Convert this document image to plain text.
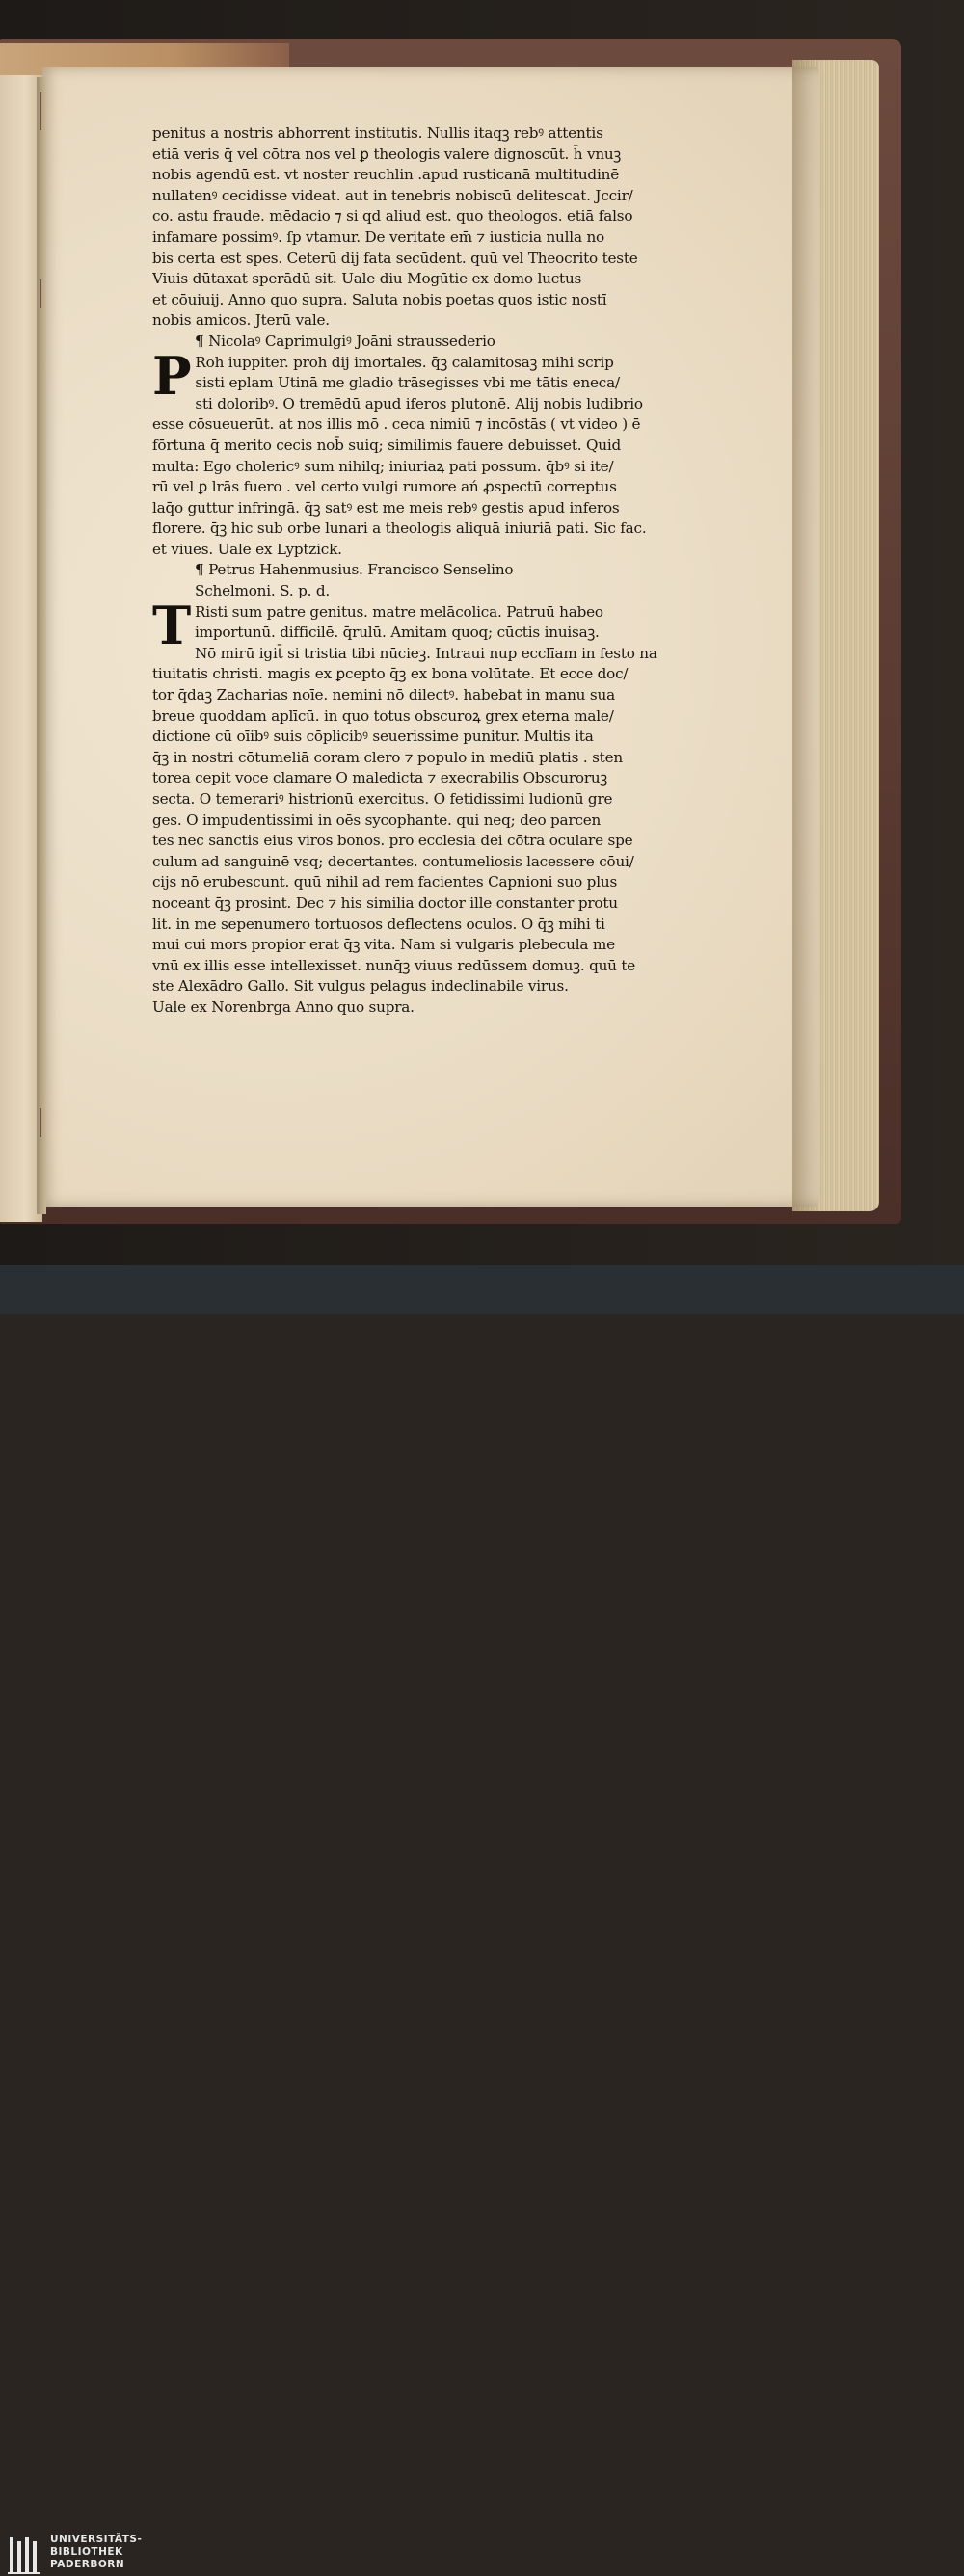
penitus a nostris abhorrent institutis. Nullis itaqꝫ rebꝰ attentis
etiā veris q̄ vel cōtra nos vel ꝑ theologis valere dignoscūt. h̄ vnuꝫ
nobis agendū est. vt noster reuchlin .apud rusticanā multitudinē
nullatenꝰ cecidisse videat. aut in tenebris nobiscū delitescat. Jccir/
co. astu fraude. mēdacio ⁊ si qd aliud est. quo theologos. etiā falso
infamare possimꝰ. ſp vtamur. De veritate em̄ ⁊ iusticia nulla no
bis certa est spes. Ceterū dij fata secūdent. quū vel Theocrito teste
Viuis dūtaxat sperādū sit. Uale diu Mogūtie ex domo luctus
et cōuiuij. Anno quo supra. Saluta nobis poetas quos istic nostī
nobis amicos. Jterū vale.
¶ Nicolaꝰ Caprimulgiꝰ Joāni straussederio
P Roh iuppiter. proh dij imortales. q̄ꝫ calamitosaꝫ mihi scrip
sisti eplam Utinā me gladio trāsegisses vbi me tātis eneca/
sti doloribꝰ. O tremēdū apud iferos plutonē. Alij nobis ludibrio
esse cōsueuerūt. at nos illis mō . ceca nimiū ⁊ incōstās ( vt video ) ē
fōrtuna q̄ merito cecis nob̄ suiq; similimis fauere debuisset. Quid
multa: Ego cholericꝰ sum nihilq; iniuriaꝝ pati possum. q̄bꝰ si ite/
rū vel ꝑ lrās fuero . vel certo vulgi rumore ań ꝓspectū correptus
laq̄o guttur infringā. q̄ꝫ satꝰ est me meis rebꝰ gestis apud inferos
florere. q̄ꝫ hic sub orbe lunari a theologis aliquā iniuriā pati. Sic fac.
et viues. Uale ex Lyptzick.
¶ Petrus Hahenmusius. Francisco Senselino
Schelmoni. S. p. d.
T Risti sum patre genitus. matre melācolica. Patruū habeo
importunū. difficilē. q̄rulū. Amitam quoq; cūctis inuisaꝫ.
Nō mirū igit̄ si tristia tibi nūcieꝫ. Intraui nup ecclīam in festo na
tiuitatis christi. magis ex ꝑcepto q̄ꝫ ex bona volūtate. Et ecce doc/
tor q̄daꝫ Zacharias noīe. nemini nō dilectꝰ. habebat in manu sua
breue quoddam aplīcū. in quo totus obscuroꝝ grex eterna male/
dictione cū oīibꝰ suis cōplicibꝰ seuerissime punitur. Multis ita
q̄ꝫ in nostri cōtumeliā coram clero ⁊ populo in mediū platis . sten
torea cepit voce clamare O maledicta ⁊ execrabilis Obscuroruꝫ
secta. O temerariꝰ histrionū exercitus. O fetidissimi ludionū gre
ges. O impudentissimi in oēs sycophante. qui neq; deo parcen
tes nec sanctis eius viros bonos. pro ecclesia dei cōtra oculare spe
culum ad sanguinē vsq; decertantes. contumeliosis lacessere cōui/
cijs nō erubescunt. quū nihil ad rem facientes Capnioni suo plus
noceant q̄ꝫ prosint. Dec ⁊ his similia doctor ille constanter protu
lit. in me sepenumero tortuosos deflectens oculos. O q̄ꝫ mihi ti
mui cui mors propior erat q̄ꝫ vita. Nam si vulgaris plebecula me
vnū ex illis esse intellexisset. nunq̄ꝫ viuus redūssem domuꝫ. quū te
ste Alexādro Gallo. Sit vulgus pelagus indeclinabile virus.
Uale ex Norenbrga Anno quo supra.
UNIVERSITÄTS-
BIBLIOTHEK
PADERBORN
